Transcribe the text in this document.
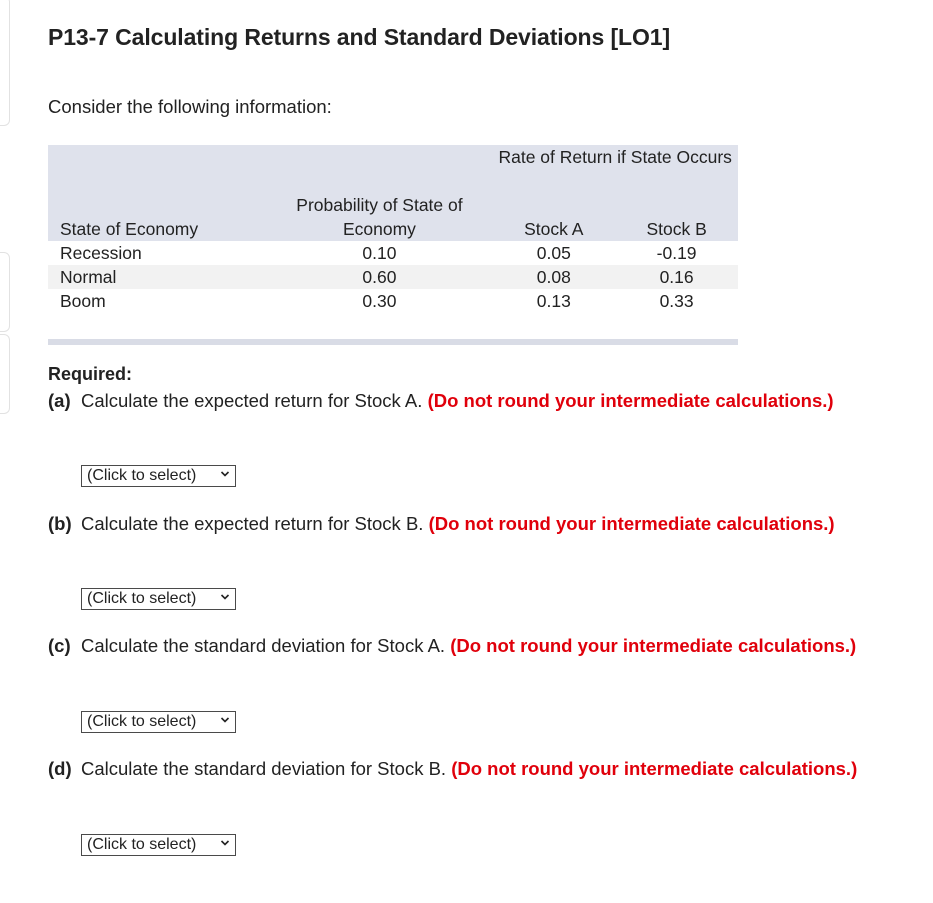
P13-7 Calculating Returns and Standard Deviations [LO1]
Consider the following information:
		Rate of Return if State Occurs	
State of Economy	Probability of State of Economy	Stock A	Stock B
Recession	0.10	0.05	-0.19
Normal	0.60	0.08	0.16
Boom	0.30	0.13	0.33

Required:
(a) Calculate the expected return for Stock A. (Do not round your intermediate calculations.)
(Click to select)
(b) Calculate the expected return for Stock B. (Do not round your intermediate calculations.)
(Click to select)
(c) Calculate the standard deviation for Stock A. (Do not round your intermediate calculations.)
(Click to select)
(d) Calculate the standard deviation for Stock B. (Do not round your intermediate calculations.)
(Click to select)
